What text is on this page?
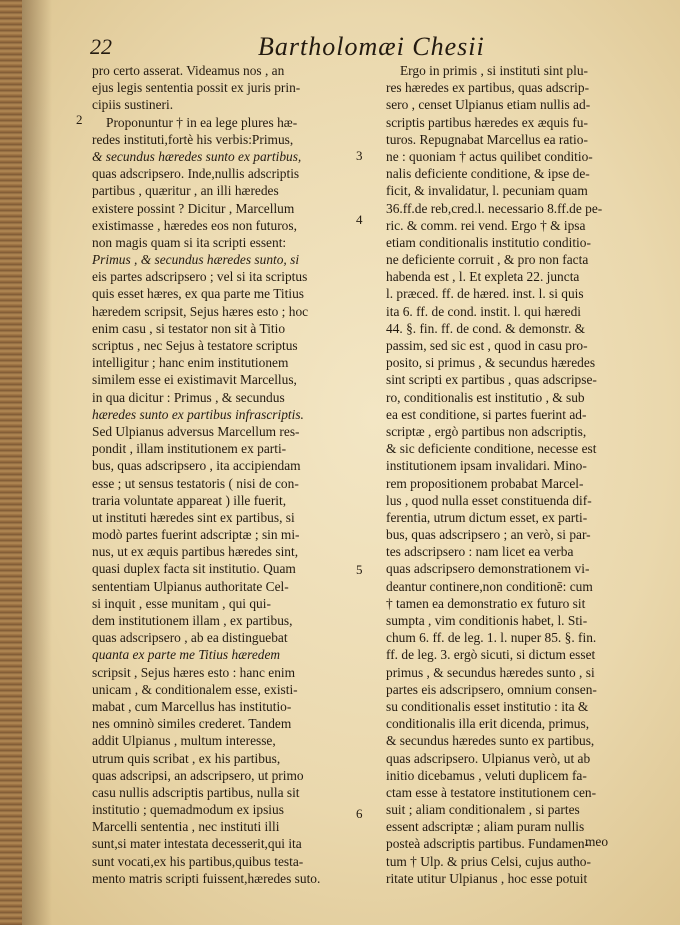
22	Bartholomæi Chesii
2
3
4
5
6
pro certo asserat. Videamus nos , an
ejus legis sententia possit ex juris prin-
cipiis sustineri.
Proponuntur † in ea lege plures hæ-
redes instituti,fortè his verbis:Primus,
& secundus hæredes sunto ex partibus,
quas adscripsero. Inde,nullis adscriptis
partibus , quæritur , an illi hæredes
existere possint ? Dicitur , Marcellum
existimasse , hæredes eos non futuros,
non magis quam si ita scripti essent:
Primus , & secundus hæredes sunto, si
eis partes adscripsero ; vel si ita scriptus
quis esset hæres, ex qua parte me Titius
hæredem scripsit, Sejus hæres esto ; hoc
enim casu , si testator non sit à Titio
scriptus , nec Sejus à testatore scriptus
intelligitur ; hanc enim institutionem
similem esse ei existimavit Marcellus,
in qua dicitur : Primus , & secundus
hæredes sunto ex partibus infrascriptis.
Sed Ulpianus adversus Marcellum res-
pondit , illam institutionem ex parti-
bus, quas adscripsero , ita accipiendam
esse ; ut sensus testatoris ( nisi de con-
traria voluntate appareat ) ille fuerit,
ut instituti hæredes sint ex partibus, si
modò partes fuerint adscriptæ ; sin mi-
nus, ut ex æquis partibus hæredes sint,
quasi duplex facta sit institutio. Quam
sententiam Ulpianus authoritate Cel-
si inquit , esse munitam , qui qui-
dem institutionem illam , ex partibus,
quas adscripsero , ab ea distinguebat
quanta ex parte me Titius hæredem
scripsit , Sejus hæres esto : hanc enim
unicam , & conditionalem esse, existi-
mabat , cum Marcellus has institutio-
nes omninò similes crederet. Tandem
addit Ulpianus , multum interesse,
utrum quis scribat , ex his partibus,
quas adscripsi, an adscripsero, ut primo
casu nullis adscriptis partibus, nulla sit
institutio ; quemadmodum ex ipsius
Marcelli sententia , nec instituti illi
sunt,si mater intestata decesserit,qui ita
sunt vocati,ex his partibus,quibus testa-
mento matris scripti fuissent,hæredes suto.
Ergo in primis , si instituti sint plu-
res hæredes ex partibus, quas adscrip-
sero , censet Ulpianus etiam nullis ad-
scriptis partibus hæredes ex æquis fu-
turos. Repugnabat Marcellus ea ratio-
ne : quoniam † actus quilibet conditio-
nalis deficiente conditione, & ipse de-
ficit, & invalidatur, l. pecuniam quam
36.ff.de reb,cred.l. necessario 8.ff.de pe-
ric. & comm. rei vend. Ergo † & ipsa
etiam conditionalis institutio conditio-
ne deficiente corruit , & pro non facta
habenda est , l. Et expleta 22. juncta
l. præced. ff. de hæred. inst. l. si quis
ita 6. ff. de cond. instit. l. qui hæredi
44. §. fin. ff. de cond. & demonstr. &
passim, sed sic est , quod in casu pro-
posito, si primus , & secundus hæredes
sint scripti ex partibus , quas adscripse-
ro, conditionalis est institutio , & sub
ea est conditione, si partes fuerint ad-
scriptæ , ergò partibus non adscriptis,
& sic deficiente conditione, necesse est
institutionem ipsam invalidari. Mino-
rem propositionem probabat Marcel-
lus , quod nulla esset constituenda dif-
ferentia, utrum dictum esset, ex parti-
bus, quas adscripsero ; an verò, si par-
tes adscripsero : nam licet ea verba
quas adscripsero demonstrationem vi-
deantur continere,non conditionē: cum
† tamen ea demonstratio ex futuro sit
sumpta , vim conditionis habet, l. Sti-
chum 6. ff. de leg. 1. l. nuper 85. §. fin.
ff. de leg. 3. ergò sicuti, si dictum esset
primus , & secundus hæredes sunto , si
partes eis adscripsero, omnium consen-
su conditionalis esset institutio : ita &
conditionalis illa erit dicenda, primus,
& secundus hæredes sunto ex partibus,
quas adscripsero. Ulpianus verò, ut ab
initio dicebamus , veluti duplicem fa-
ctam esse à testatore institutionem cen-
suit ; aliam conditionalem , si partes
essent adscriptæ ; aliam puram nullis
posteà adscriptis partibus. Fundamen-
tum † Ulp. & prius Celsi, cujus autho-
ritate utitur Ulpianus , hoc esse potuit
meo
